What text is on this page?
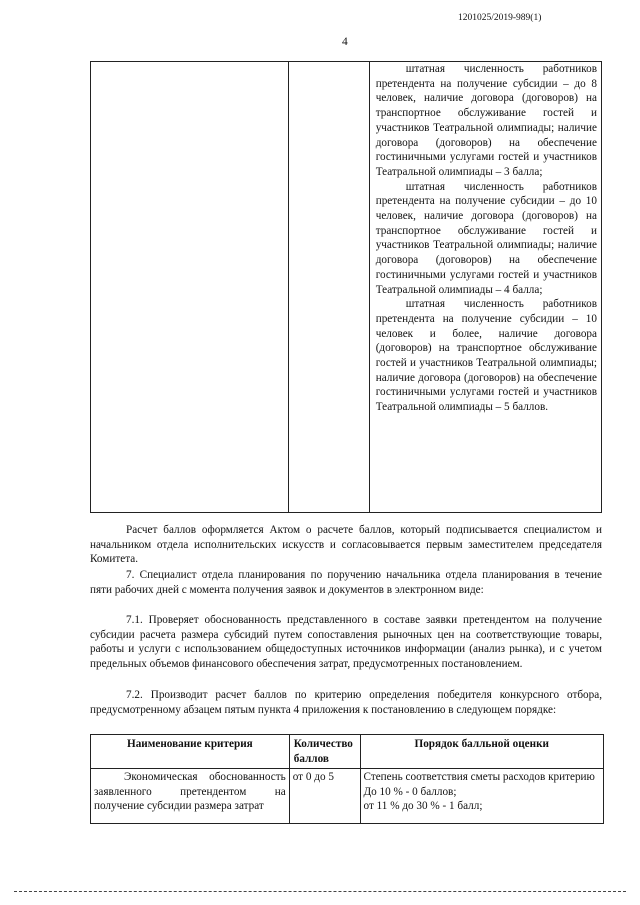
1201025/2019-989(1)
4

штатная численность работников претендента на получение субсидии – до 8 человек, наличие договора (договоров) на транспортное обслуживание гостей и участников Театральной олимпиады; наличие договора (договоров) на обеспечение гостиничными услугами гостей и участников Театральной олимпиады – 3 балла;
штатная численность работников претендента на получение субсидии – до 10 человек, наличие договора (договоров) на транспортное обслуживание гостей и участников Театральной олимпиады; наличие договора (договоров) на обеспечение гостиничными услугами гостей и участников Театральной олимпиады – 4 балла;
штатная численность работников претендента на получение субсидии – 10 человек и более, наличие договора (договоров) на транспортное обслуживание гостей и участников Театральной олимпиады; наличие договора (договоров) на обеспечение гостиничными услугами гостей и участников Театральной олимпиады – 5 баллов.
Расчет баллов оформляется Актом о расчете баллов, который подписывается специалистом и начальником отдела исполнительских искусств и согласовывается первым заместителем председателя Комитета.
7. Специалист отдела планирования по поручению начальника отдела планирования в течение пяти рабочих дней с момента получения заявок и документов в электронном виде:
7.1. Проверяет обоснованность представленного в составе заявки претендентом на получение субсидии расчета размера субсидий путем сопоставления рыночных цен на соответствующие товары, работы и услуги с использованием общедоступных источников информации (анализ рынка), и с учетом предельных объемов финансового обеспечения затрат, предусмотренных постановлением.
7.2. Производит расчет баллов по критерию определения победителя конкурсного отбора, предусмотренному абзацем пятым пункта 4 приложения к постановлению в следующем порядке:
Наименование критерия	Количество баллов	Порядок балльной оценки
Экономическая обоснованность заявленного претендентом на получение субсидии размера затрат	от 0 до 5	Степень соответствия сметы расходов критерию
До 10 % - 0 баллов;
от 11 % до 30 % - 1 балл;
